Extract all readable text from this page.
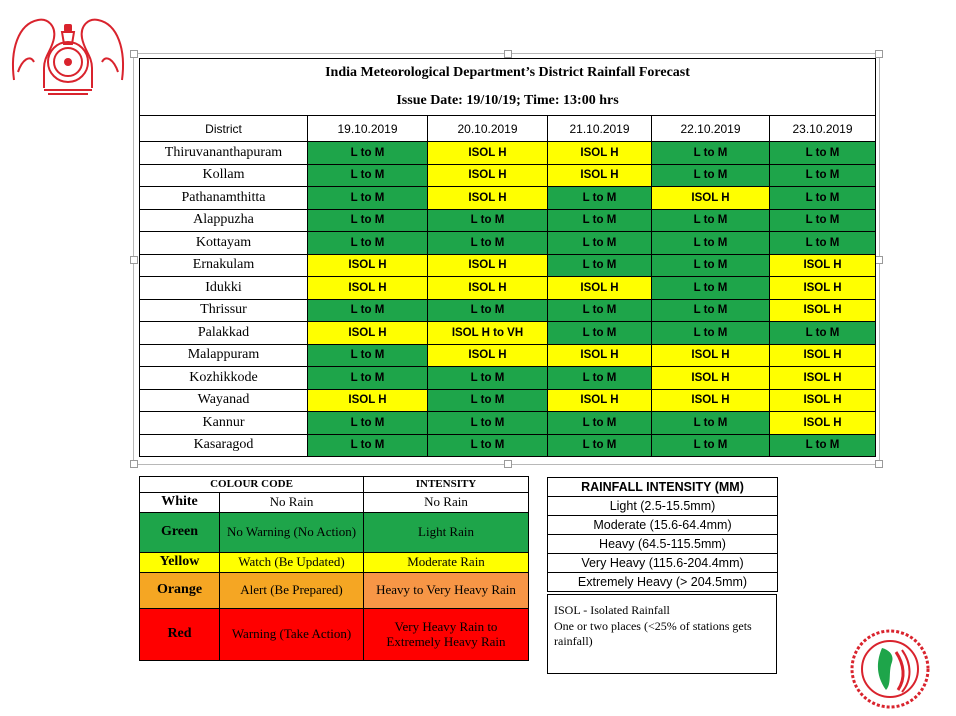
India Meteorological Department’s District Rainfall Forecast					
Issue Date: 19/10/19; Time: 13:00 hrs					
District	19.10.2019	20.10.2019	21.10.2019	22.10.2019	23.10.2019
Thiruvananthapuram	L to M	ISOL H	ISOL H	L to M	L to M
Kollam	L to M	ISOL H	ISOL H	L to M	L to M
Pathanamthitta	L to M	ISOL H	L to M	ISOL H	L to M
Alappuzha	L to M	L to M	L to M	L to M	L to M
Kottayam	L to M	L to M	L to M	L to M	L to M
Ernakulam	ISOL H	ISOL H	L to M	L to M	ISOL H
Idukki	ISOL H	ISOL H	ISOL H	L to M	ISOL H
Thrissur	L to M	L to M	L to M	L to M	ISOL H
Palakkad	ISOL H	ISOL H to VH	L to M	L to M	L to M
Malappuram	L to M	ISOL H	ISOL H	ISOL H	ISOL H
Kozhikkode	L to M	L to M	L to M	ISOL H	ISOL H
Wayanad	ISOL H	L to M	ISOL H	ISOL H	ISOL H
Kannur	L to M	L to M	L to M	L to M	ISOL H
Kasaragod	L to M	L to M	L to M	L to M	L to M
COLOUR CODE		INTENSITY
White	No Rain	No Rain
Green	No Warning (No Action)	Light Rain
Yellow	Watch (Be Updated)	Moderate Rain
Orange	Alert (Be Prepared)	Heavy to Very Heavy Rain
Red	Warning (Take Action)	Very Heavy Rain to Extremely Heavy Rain
RAINFALL INTENSITY (MM)
Light (2.5-15.5mm)
Moderate (15.6-64.4mm)
Heavy (64.5-115.5mm)
Very Heavy (115.6-204.4mm)
Extremely Heavy (> 204.5mm)
ISOL - Isolated Rainfall
One or two places (<25% of stations gets rainfall)
